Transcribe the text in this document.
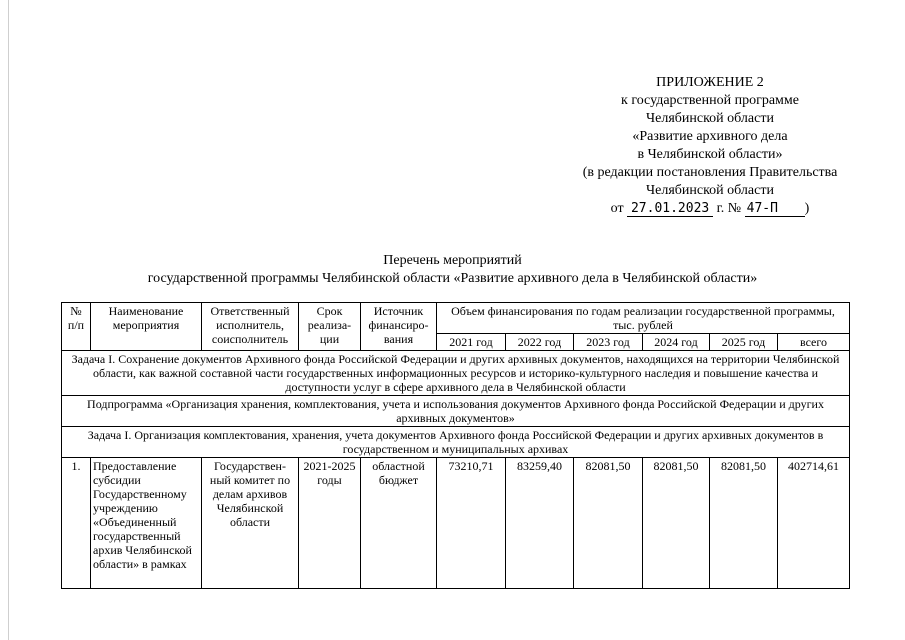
ПРИЛОЖЕНИЕ 2
к государственной программе
Челябинской области
«Развитие архивного дела
в Челябинской области»
(в редакции постановления Правительства
Челябинской области
от 27.01.2023 г. № 47-П )
Перечень мероприятий
государственной программы Челябинской области «Развитие архивного дела в Челябинской области»
№ п/п	Наименование мероприятия	Ответственный исполнитель, соисполнитель	Срок реализа-ции	Источник финансиро-вания	Объем финансирования по годам реализации государственной программы, тыс. рублей					
					2021 год	2022 год	2023 год	2024 год	2025 год	всего
Задача I. Сохранение документов Архивного фонда Российской Федерации и других архивных документов, находящихся на территории Челябинской области, как важной составной части государственных информационных ресурсов и историко-культурного наследия и повышение качества и доступности услуг в сфере архивного дела в Челябинской области										
Подпрограмма «Организация хранения, комплектования, учета и использования документов Архивного фонда Российской Федерации и других архивных документов»										
Задача I. Организация комплектования, хранения, учета документов Архивного фонда Российской Федерации и других архивных документов в государственном и муниципальных архивах										
1.	Предоставление субсидии Государственному учреждению «Объединенный государственный архив Челябинской области» в рамках	Государствен-ный комитет по делам архивов Челябинской области	2021-2025 годы	областной бюджет	73210,71	83259,40	82081,50	82081,50	82081,50	402714,61
